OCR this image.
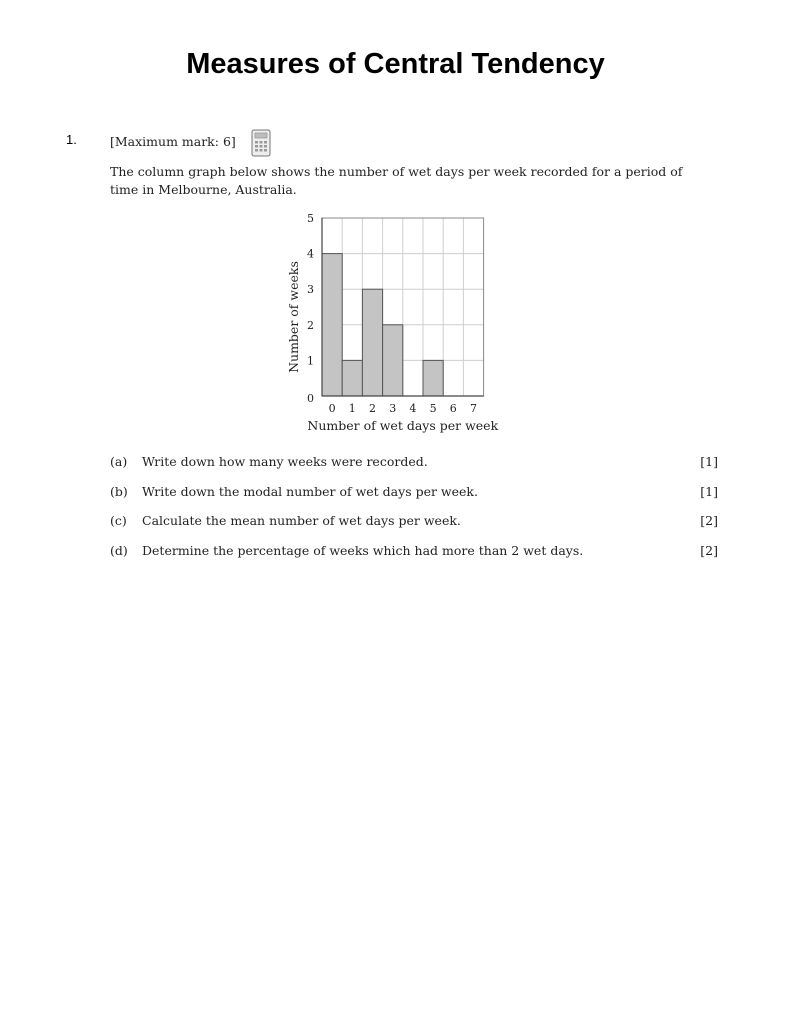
Measures of Central Tendency
1.	[Maximum mark: 6]
The column graph below shows the number of wet days per week recorded for a period of time in Melbourne, Australia.
0
1
2
3
4
5
0 1 2 3 4 5 6 7
Number of wet days per week
Number of weeks
(a) Write down how many weeks were recorded.	[1]
(b) Write down the modal number of wet days per week.	[1]
(c) Calculate the mean number of wet days per week.	[2]
(d) Determine the percentage of weeks which had more than 2 wet days.	[2]
